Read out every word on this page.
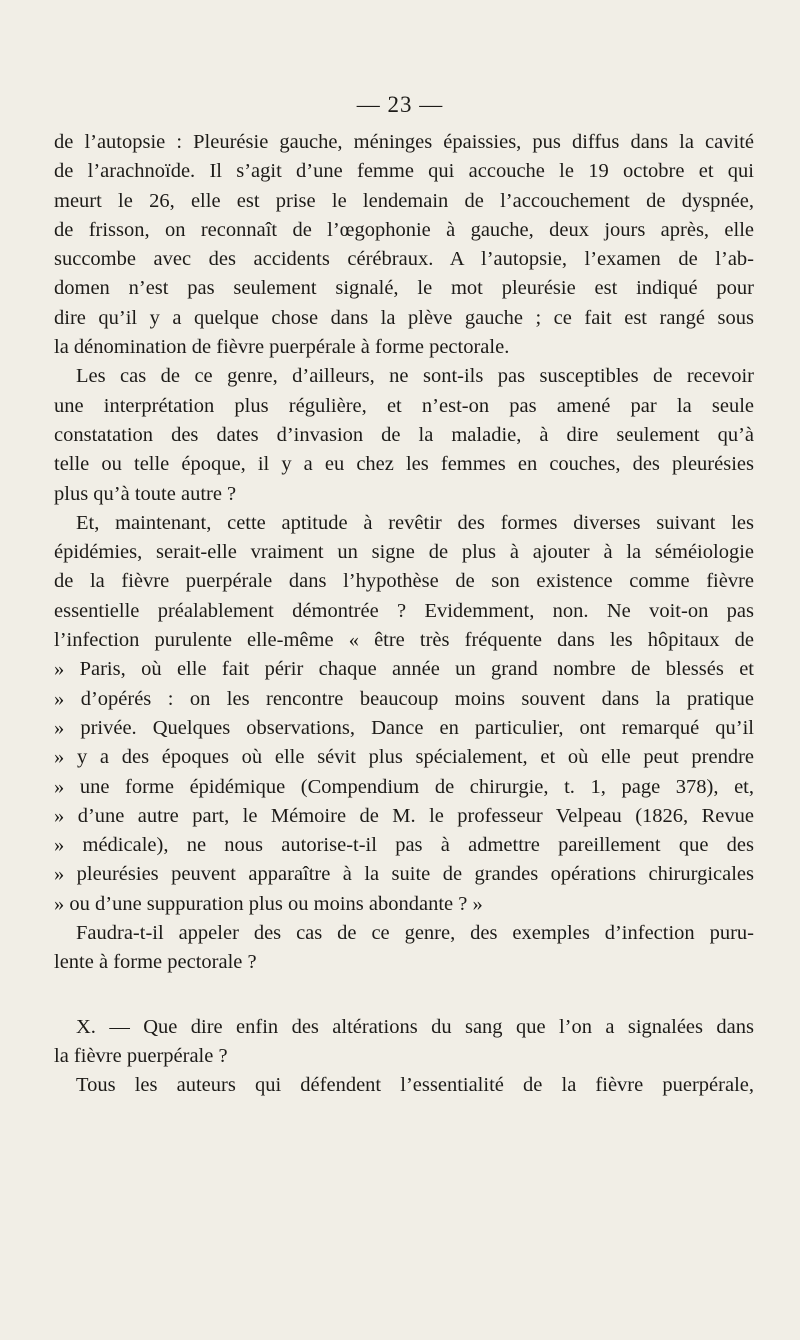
— 23 —
de l’autopsie : Pleurésie gauche, méninges épaissies, pus diffus dans la cavité
de l’arachnoïde. Il s’agit d’une femme qui accouche le 19 octobre et qui
meurt le 26, elle est prise le lendemain de l’accouchement de dyspnée,
de frisson, on reconnaît de l’œgophonie à gauche, deux jours après, elle
succombe avec des accidents cérébraux. A l’autopsie, l’examen de l’ab-
domen n’est pas seulement signalé, le mot pleurésie est indiqué pour
dire qu’il y a quelque chose dans la plève gauche ; ce fait est rangé sous
la dénomination de fièvre puerpérale à forme pectorale.
Les cas de ce genre, d’ailleurs, ne sont-ils pas susceptibles de recevoir
une interprétation plus régulière, et n’est-on pas amené par la seule
constatation des dates d’invasion de la maladie, à dire seulement qu’à
telle ou telle époque, il y a eu chez les femmes en couches, des pleurésies
plus qu’à toute autre ?
Et, maintenant, cette aptitude à revêtir des formes diverses suivant les
épidémies, serait-elle vraiment un signe de plus à ajouter à la séméiologie
de la fièvre puerpérale dans l’hypothèse de son existence comme fièvre
essentielle préalablement démontrée ? Evidemment, non. Ne voit-on pas
l’infection purulente elle-même « être très fréquente dans les hôpitaux de
» Paris, où elle fait périr chaque année un grand nombre de blessés et
» d’opérés : on les rencontre beaucoup moins souvent dans la pratique
» privée. Quelques observations, Dance en particulier, ont remarqué qu’il
» y a des époques où elle sévit plus spécialement, et où elle peut prendre
» une forme épidémique (Compendium de chirurgie, t. 1, page 378), et,
» d’une autre part, le Mémoire de M. le professeur Velpeau (1826, Revue
» médicale), ne nous autorise-t-il pas à admettre pareillement que des
» pleurésies peuvent apparaître à la suite de grandes opérations chirurgicales
» ou d’une suppuration plus ou moins abondante ? »
Faudra-t-il appeler des cas de ce genre, des exemples d’infection puru-
lente à forme pectorale ?
X. — Que dire enfin des altérations du sang que l’on a signalées dans
la fièvre puerpérale ?
Tous les auteurs qui défendent l’essentialité de la fièvre puerpérale,
